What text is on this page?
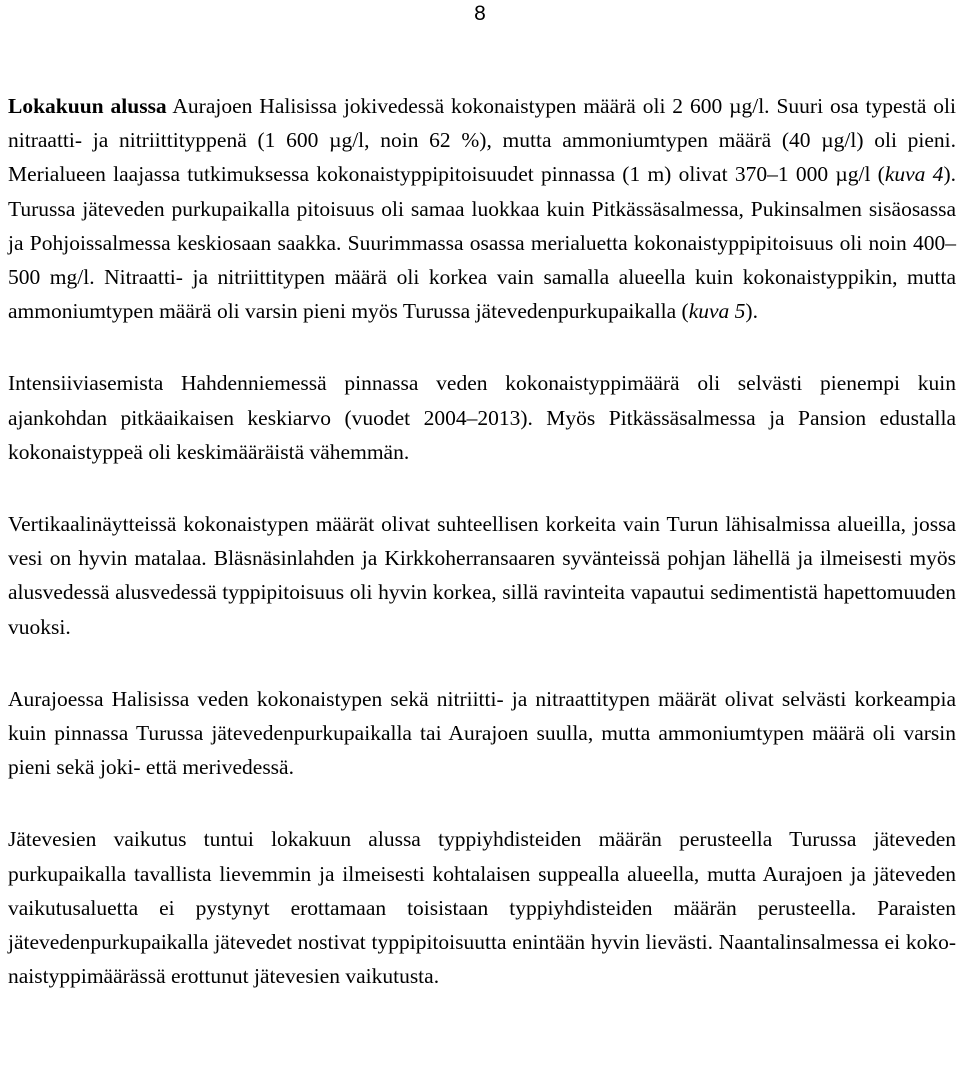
8

Lokakuun alussa Aurajoen Halisissa jokivedessä kokonaistypen määrä oli 2 600 µg/l. Suuri osa typestä oli nitraatti- ja nitriittityppenä (1 600 µg/l, noin 62 %), mutta ammoniumtypen määrä (40 µg/l) oli pieni. Merialueen laajassa tutkimuksessa kokonaistyppipitoisuudet pinnassa (1 m) olivat 370–1 000 µg/l (kuva 4). Turussa jäteveden purkupaikalla pitoisuus oli samaa luokkaa kuin Pitkässäsalmessa, Pukinsalmen sisäosassa ja Pohjoissalmessa keskiosaan saakka. Suurimmassa osassa merialuetta kokonaistyppipitoisuus oli noin 400–500 mg/l. Nitraatti- ja nitriittitypen määrä oli korkea vain samalla alueella kuin kokonaistyppikin, mutta ammoniumtypen määrä oli varsin pieni myös Turussa jätevedenpurkupaikalla (kuva 5).

Intensiiviasemista Hahdenniemessä pinnassa veden kokonaistyppimäärä oli selvästi pienempi kuin ajankohdan pitkäaikaisen keskiarvo (vuodet 2004–2013). Myös Pitkässäsalmessa ja Pansion edustalla kokonaistyppeä oli keskimääräistä vähemmän.

Vertikaalinäytteissä kokonaistypen määrät olivat suhteellisen korkeita vain Turun lähisalmissa alueilla, jossa vesi on hyvin matalaa. Bläsnäsinlahden ja Kirkkoherransaaren syvänteissä pohjan lähellä ja ilmeisesti myös alusvedessä alusvedessä typpipitoisuus oli hyvin korkea, sillä ravinteita vapautui sedimentistä hapettomuuden vuoksi.

Aurajoessa Halisissa veden kokonaistypen sekä nitriitti- ja nitraattitypen määrät olivat selvästi korkeampia kuin pinnassa Turussa jätevedenpurkupaikalla tai Aurajoen suulla, mutta ammoniumtypen määrä oli varsin pieni sekä joki- että merivedessä.

Jätevesien vaikutus tuntui lokakuun alussa typpiyhdisteiden määrän perusteella Turussa jäteveden purkupaikalla tavallista lievemmin ja ilmeisesti kohtalaisen suppealla alueella, mutta Aurajoen ja jäteveden vaikutusaluetta ei pystynyt erottamaan toisistaan typpiyhdisteiden määrän perusteella. Paraisten jätevedenpurkupaikalla jätevedet nostivat typpipitoisuutta enintään hyvin lievästi. Naantalinsalmessa ei kokonaistyppimäärässä erottunut jätevesien vaikutusta.
